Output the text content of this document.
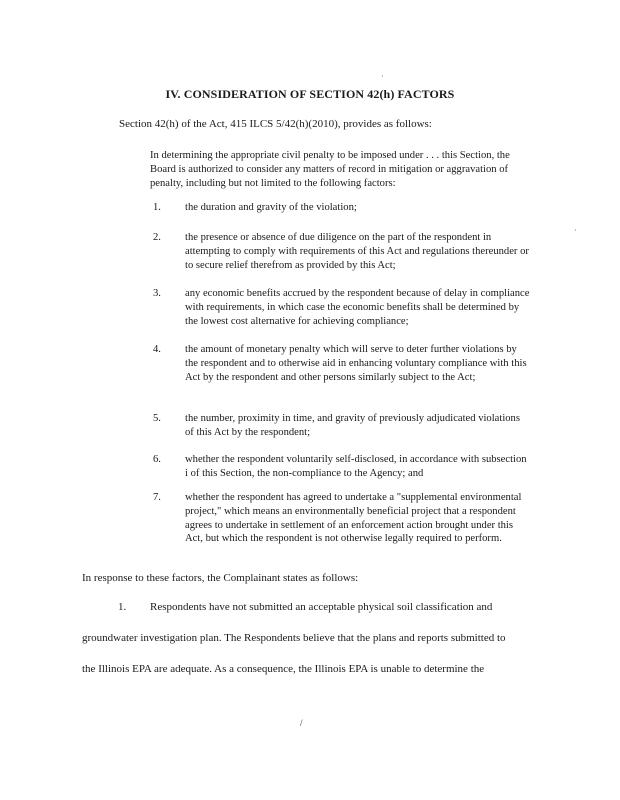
·
·
IV. CONSIDERATION OF SECTION 42(h) FACTORS
Section 42(h) of the Act, 415 ILCS 5/42(h)(2010), provides as follows:
In determining the appropriate civil penalty to be imposed under . . . this Section, the Board is authorized to consider any matters of record in mitigation or aggravation of penalty, including but not limited to the following factors:
1. the duration and gravity of the violation;
2. the presence or absence of due diligence on the part of the respondent in attempting to comply with requirements of this Act and regulations thereunder or to secure relief therefrom as provided by this Act;
3. any economic benefits accrued by the respondent because of delay in compliance with requirements, in which case the economic benefits shall be determined by the lowest cost alternative for achieving compliance;
4. the amount of monetary penalty which will serve to deter further violations by the respondent and to otherwise aid in enhancing voluntary compliance with this Act by the respondent and other persons similarly subject to the Act;
5. the number, proximity in time, and gravity of previously adjudicated violations of this Act by the respondent;
6. whether the respondent voluntarily self-disclosed, in accordance with subsection i of this Section, the non-compliance to the Agency; and
7. whether the respondent has agreed to undertake a "supplemental environmental project," which means an environmentally beneficial project that a respondent agrees to undertake in settlement of an enforcement action brought under this Act, but which the respondent is not otherwise legally required to perform.
In response to these factors, the Complainant states as follows:
1. Respondents have not submitted an acceptable physical soil classification and
groundwater investigation plan. The Respondents believe that the plans and reports submitted to
the Illinois EPA are adequate. As a consequence, the Illinois EPA is unable to determine the
/
